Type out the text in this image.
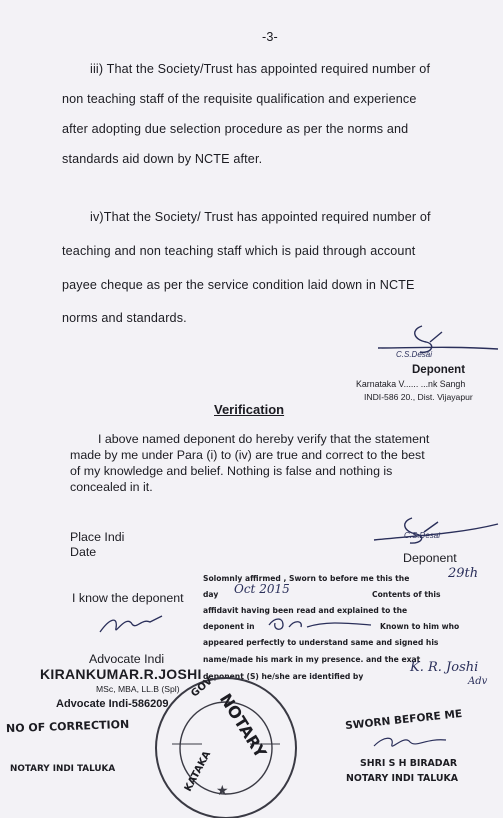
-3-
iii) That the Society/Trust has appointed required number of
non teaching staff of the requisite qualification and experience
after adopting due selection procedure as per the norms and
standards aid down by NCTE after.
iv)That the Society/ Trust has appointed required number of
teaching and non teaching staff which is paid through account
payee cheque as per the service condition laid down in NCTE
norms and standards.
C.S.Desai
Deponent
Karnataka V...... ...nk Sangh
INDI-586 20., Dist. Vijayapur
Verification
I above named deponent do hereby verify that the statement
made by me under Para (i) to (iv) are true and correct to the best
of my knowledge and belief. Nothing is false and nothing is
concealed in it.
Place Indi
Date
C.S.Desai
Deponent
I know the deponent
Solomnly affirmed , Sworn to before me this the	29th
day Oct 2015	Contents of this
affidavit having been read and explained to the
deponent in	Known to him who
appeared perfectly to understand same and signed his
name/made his mark in my presence. and the exat
deponent (S) he/she are identified by
K. R. Joshi
Adv
Advocate Indi
KIRANKUMAR.R.JOSHI
MSc, MBA, LL.B (Spl)
Advocate Indi-586209
NO OF CORRECTION
NOTARY INDI TALUKA
NOTARY
KATAKA
GOV
★
SWORN BEFORE ME
SHRI S H BIRADAR
NOTARY INDI TALUKA
